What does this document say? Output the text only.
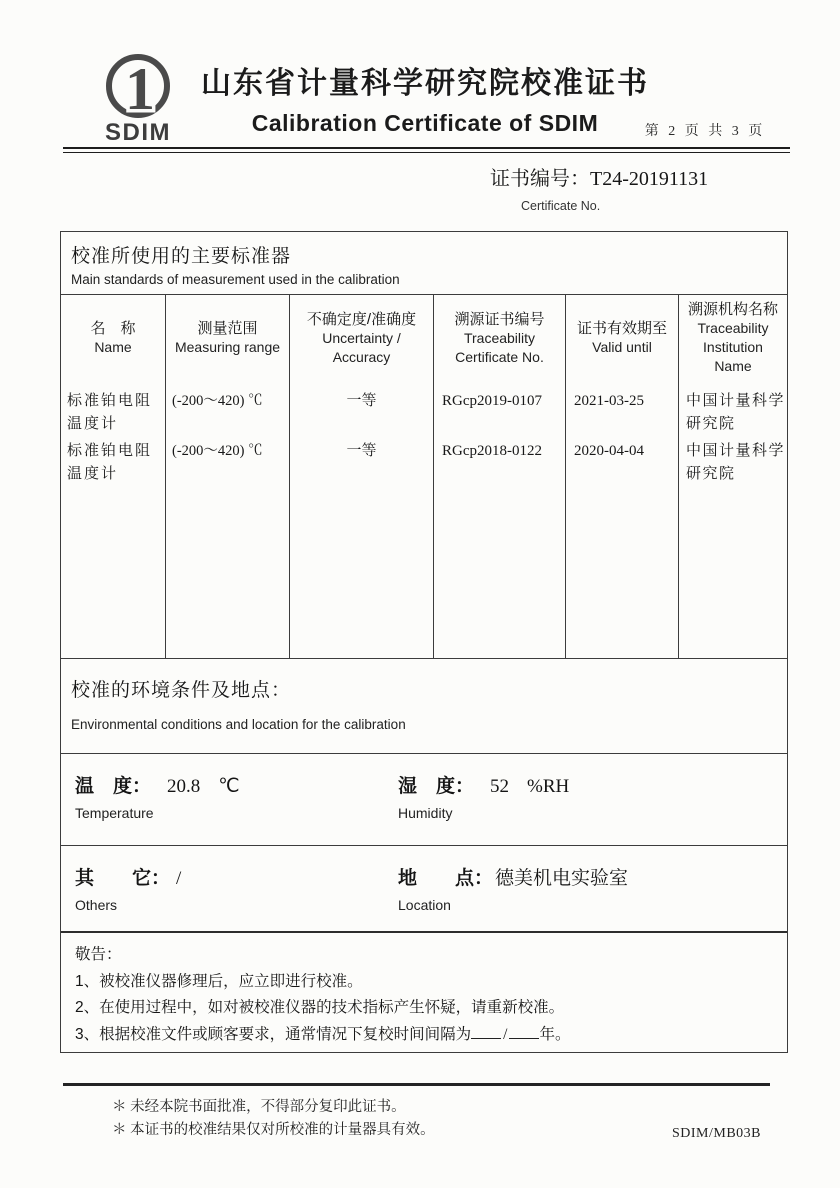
1
SDIM
山东省计量科学研究院校准证书
Calibration Certificate of SDIM	第 2 页 共 3 页
证书编号：T24-20191131
Certificate No.
校准所使用的主要标准器
Main standards of measurement used in the calibration
名　称
Name
测量范围
Measuring range
不确定度/准确度
Uncertainty / Accuracy
溯源证书编号
Traceability Certificate No.
证书有效期至
Valid until
溯源机构名称
Traceability Institution Name
标准铂电阻温度计
标准铂电阻温度计
(-200～420) ℃
(-200～420) ℃
一等
一等
RGcp2019-0107
RGcp2018-0122
2021-03-25
2020-04-04
中国计量科学研究院
中国计量科学研究院
校准的环境条件及地点：
Environmental conditions and location for the calibration
温　度： 20.8 ℃
Temperature
湿　度： 52 %RH
Humidity
其　　它： /
Others
地　　点： 德美机电实验室
Location
敬告：
1、被校准仪器修理后，应立即进行校准。
2、在使用过程中，如对被校准仪器的技术指标产生怀疑，请重新校准。
3、根据校准文件或顾客要求，通常情况下复校时间间隔为 / 年。
＊ 未经本院书面批准，不得部分复印此证书。
＊ 本证书的校准结果仅对所校准的计量器具有效。	SDIM/MB03B
